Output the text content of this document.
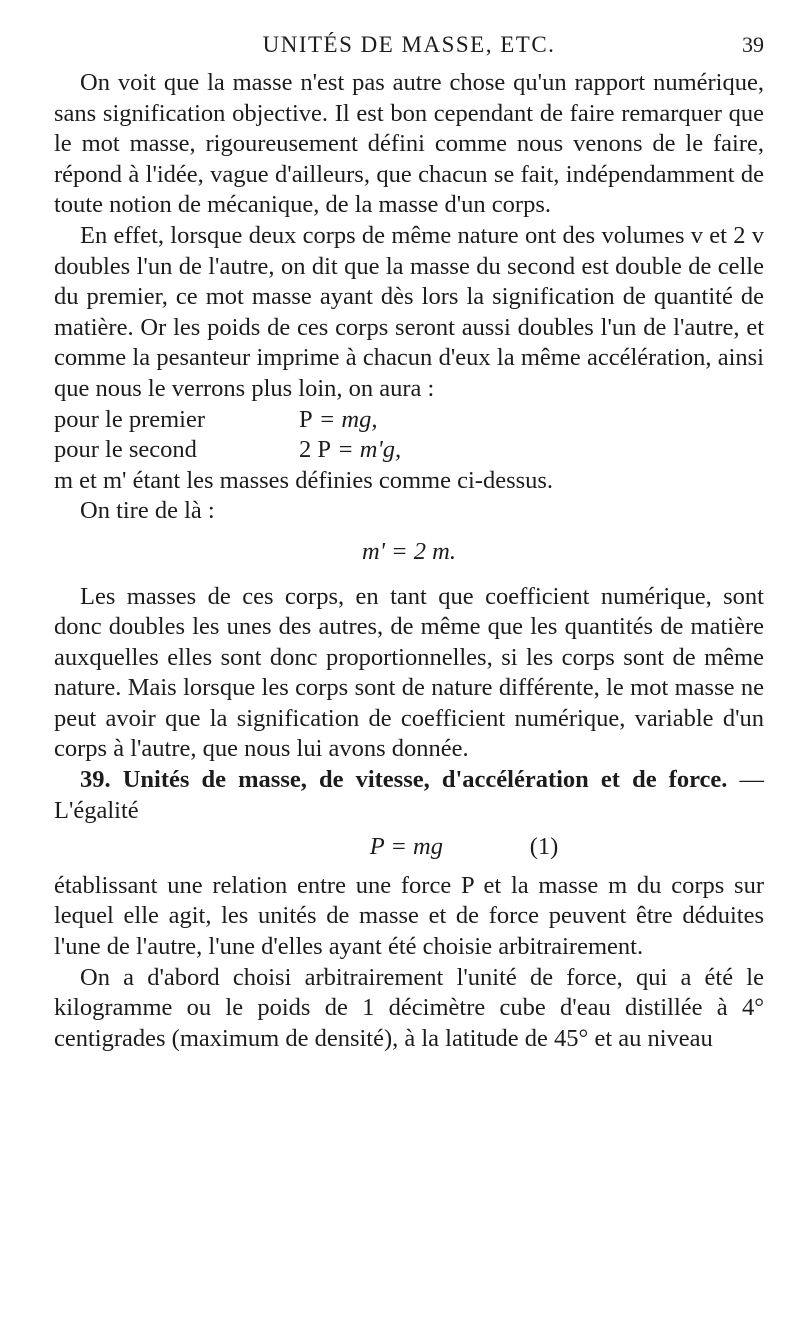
UNITÉS DE MASSE, ETC.	39

On voit que la masse n'est pas autre chose qu'un rapport numérique, sans signification objective. Il est bon cependant de faire remarquer que le mot masse, rigoureusement défini comme nous venons de le faire, répond à l'idée, vague d'ailleurs, que chacun se fait, indépendamment de toute notion de mécanique, de la masse d'un corps.

En effet, lorsque deux corps de même nature ont des volumes v et 2 v doubles l'un de l'autre, on dit que la masse du second est double de celle du premier, ce mot masse ayant dès lors la signification de quantité de matière. Or les poids de ces corps seront aussi doubles l'un de l'autre, et comme la pesanteur imprime à chacun d'eux la même accélération, ainsi que nous le verrons plus loin, on aura :

pour le premier	P = mg,
pour le second	2 P = m'g,

m et m' étant les masses définies comme ci-dessus.

On tire de là :

m' = 2 m.

Les masses de ces corps, en tant que coefficient numérique, sont donc doubles les unes des autres, de même que les quantités de matière auxquelles elles sont donc proportionnelles, si les corps sont de même nature. Mais lorsque les corps sont de nature différente, le mot masse ne peut avoir que la signification de coefficient numérique, variable d'un corps à l'autre, que nous lui avons donnée.

39. Unités de masse, de vitesse, d'accélération et de force. — L'égalité

P = mg	(1)

établissant une relation entre une force P et la masse m du corps sur lequel elle agit, les unités de masse et de force peuvent être déduites l'une de l'autre, l'une d'elles ayant été choisie arbitrairement.

On a d'abord choisi arbitrairement l'unité de force, qui a été le kilogramme ou le poids de 1 décimètre cube d'eau distillée à 4° centigrades (maximum de densité), à la latitude de 45° et au niveau
